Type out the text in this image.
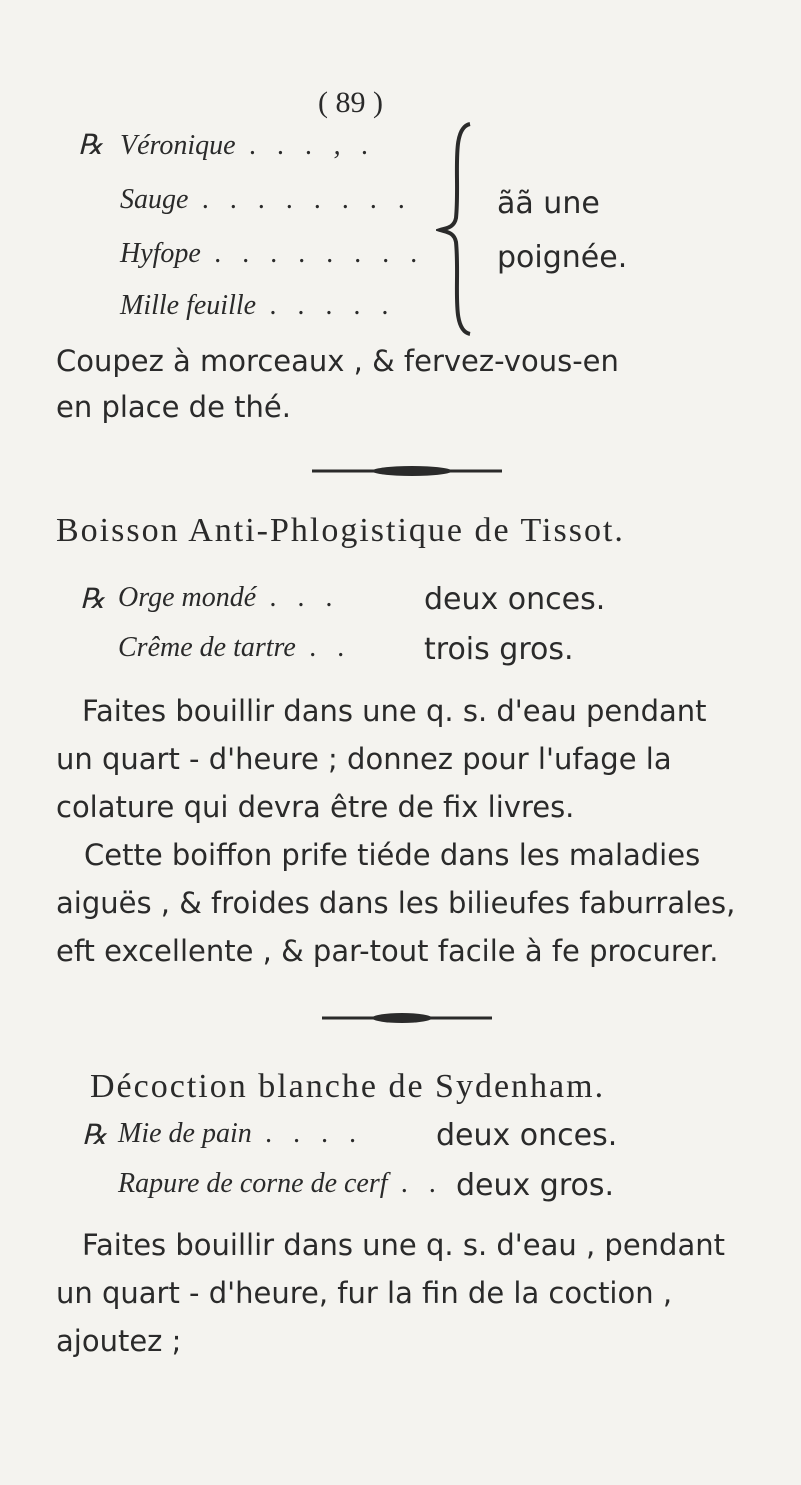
( 89 )
℞ Véronique . . . , .
Sauge . . . . . . . .
Hyfope . . . . . . . .
Mille feuille . . . . .
ãã une
poignée.
Coupez à morceaux , & fervez-vous-en
en place de thé.
Boisson Anti-Phlogistique de Tissot.
℞ Orge mondé . . .	deux onces.
Crême de tartre . . trois gros.
Faites bouillir dans une q. s. d'eau pendant
un quart - d'heure ; donnez pour l'ufage la
colature qui devra être de fix livres.
Cette boiffon prife tiéde dans les maladies
aiguës , & froides dans les bilieufes faburrales,
eft excellente , & par-tout facile à fe procurer.
Décoction blanche de Sydenham.
℞ Mie de pain . . . . deux onces.
Rapure de corne de cerf . . deux gros.
Faites bouillir dans une q. s. d'eau , pendant
un quart - d'heure, fur la fin de la coction ,
ajoutez ;
